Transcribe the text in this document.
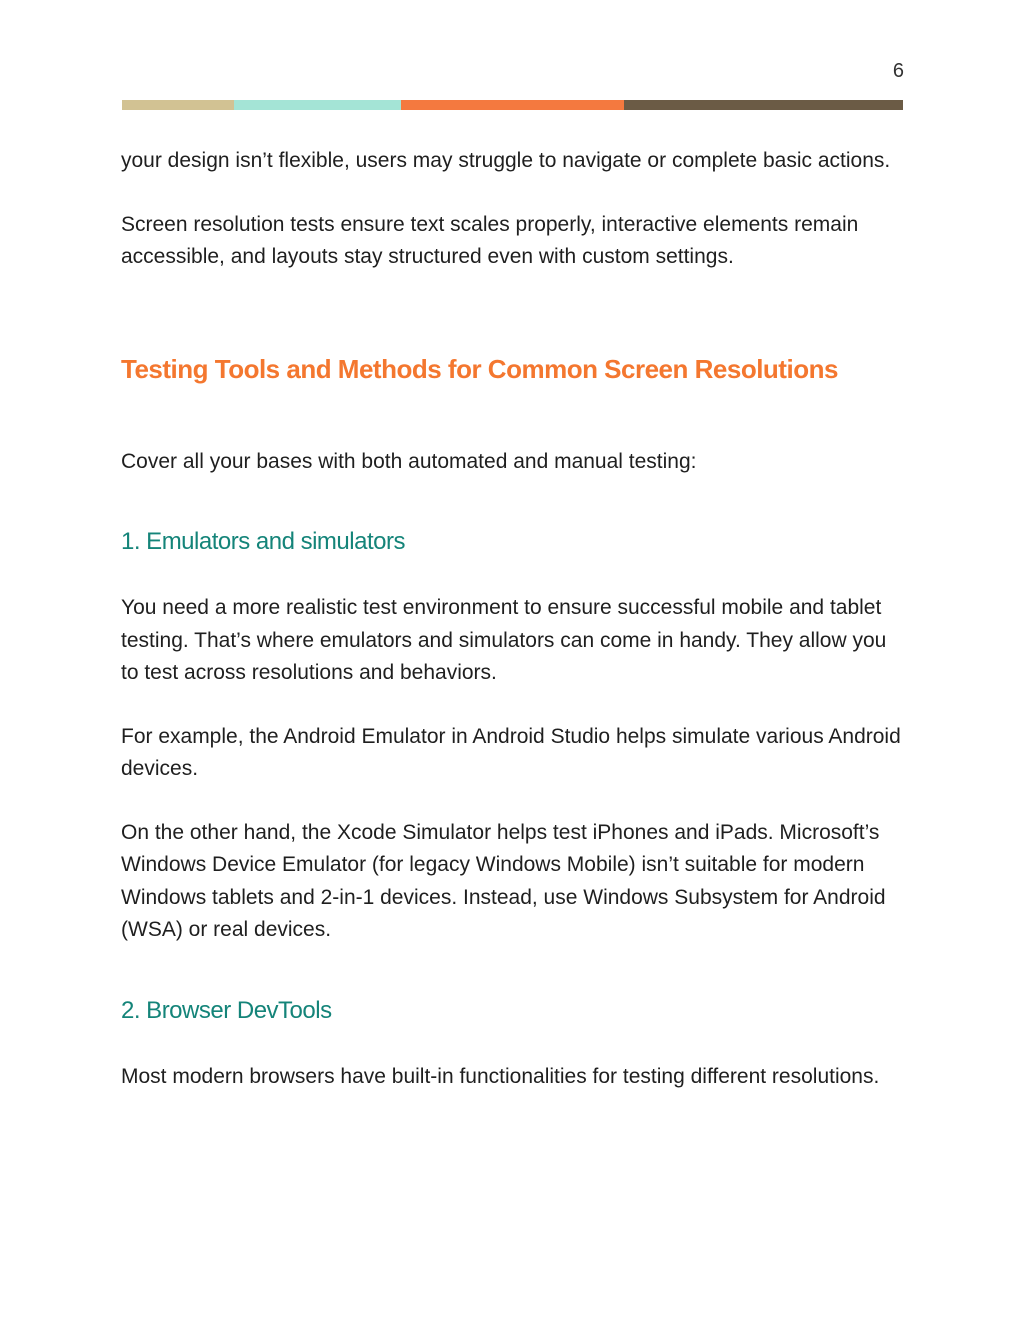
6

your design isn’t flexible, users may struggle to navigate or complete basic actions.

Screen resolution tests ensure text scales properly, interactive elements remain accessible, and layouts stay structured even with custom settings.

Testing Tools and Methods for Common Screen Resolutions

Cover all your bases with both automated and manual testing:

1. Emulators and simulators

You need a more realistic test environment to ensure successful mobile and tablet testing. That’s where emulators and simulators can come in handy. They allow you to test across resolutions and behaviors.

For example, the Android Emulator in Android Studio helps simulate various Android devices.

On the other hand, the Xcode Simulator helps test iPhones and iPads. Microsoft’s Windows Device Emulator (for legacy Windows Mobile) isn’t suitable for modern Windows tablets and 2-in-1 devices. Instead, use Windows Subsystem for Android (WSA) or real devices.

2. Browser DevTools

Most modern browsers have built-in functionalities for testing different resolutions.
